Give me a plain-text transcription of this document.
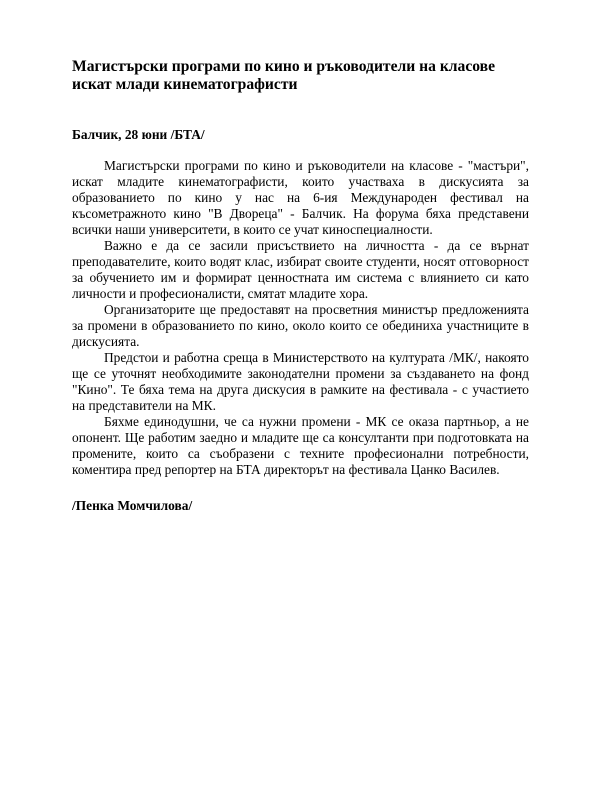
Магистърски програми по кино и ръководители на класове искат млади кинематографисти

Балчик, 28 юни /БТА/

Магистърски програми по кино и ръководители на класове - "мастъри", искат младите кинематографисти, които участваха в дискусията за образованието по кино у нас на 6-ия Международен фестивал на късометражното кино "В Двореца" - Балчик. На форума бяха представени всички наши университети, в които се учат киноспециалности.

Важно е да се засили присъствието на личността - да се върнат преподавателите, които водят клас, избират своите студенти, носят отговорност за обучението им и формират ценностната им система с влиянието си като личности и професионалисти, смятат младите хора.

Организаторите ще предоставят на просветния министър предложенията за промени в образованието по кино, около които се обединиха участниците в дискусията.

Предстои и работна среща в Министерството на културата /МК/, накоято ще се уточнят необходимите законодателни промени за създаването на фонд "Кино". Те бяха тема на друга дискусия в рамките на фестивала - с участието на представители на МК.

Бяхме единодушни, че са нужни промени - МК се оказа партньор, а не опонент. Ще работим заедно и младите ще са консултанти при подготовката на промените, които са съобразени с техните професионални потребности, коментира пред репортер на БТА директорът на фестивала Цанко Василев.

/Пенка Момчилова/
